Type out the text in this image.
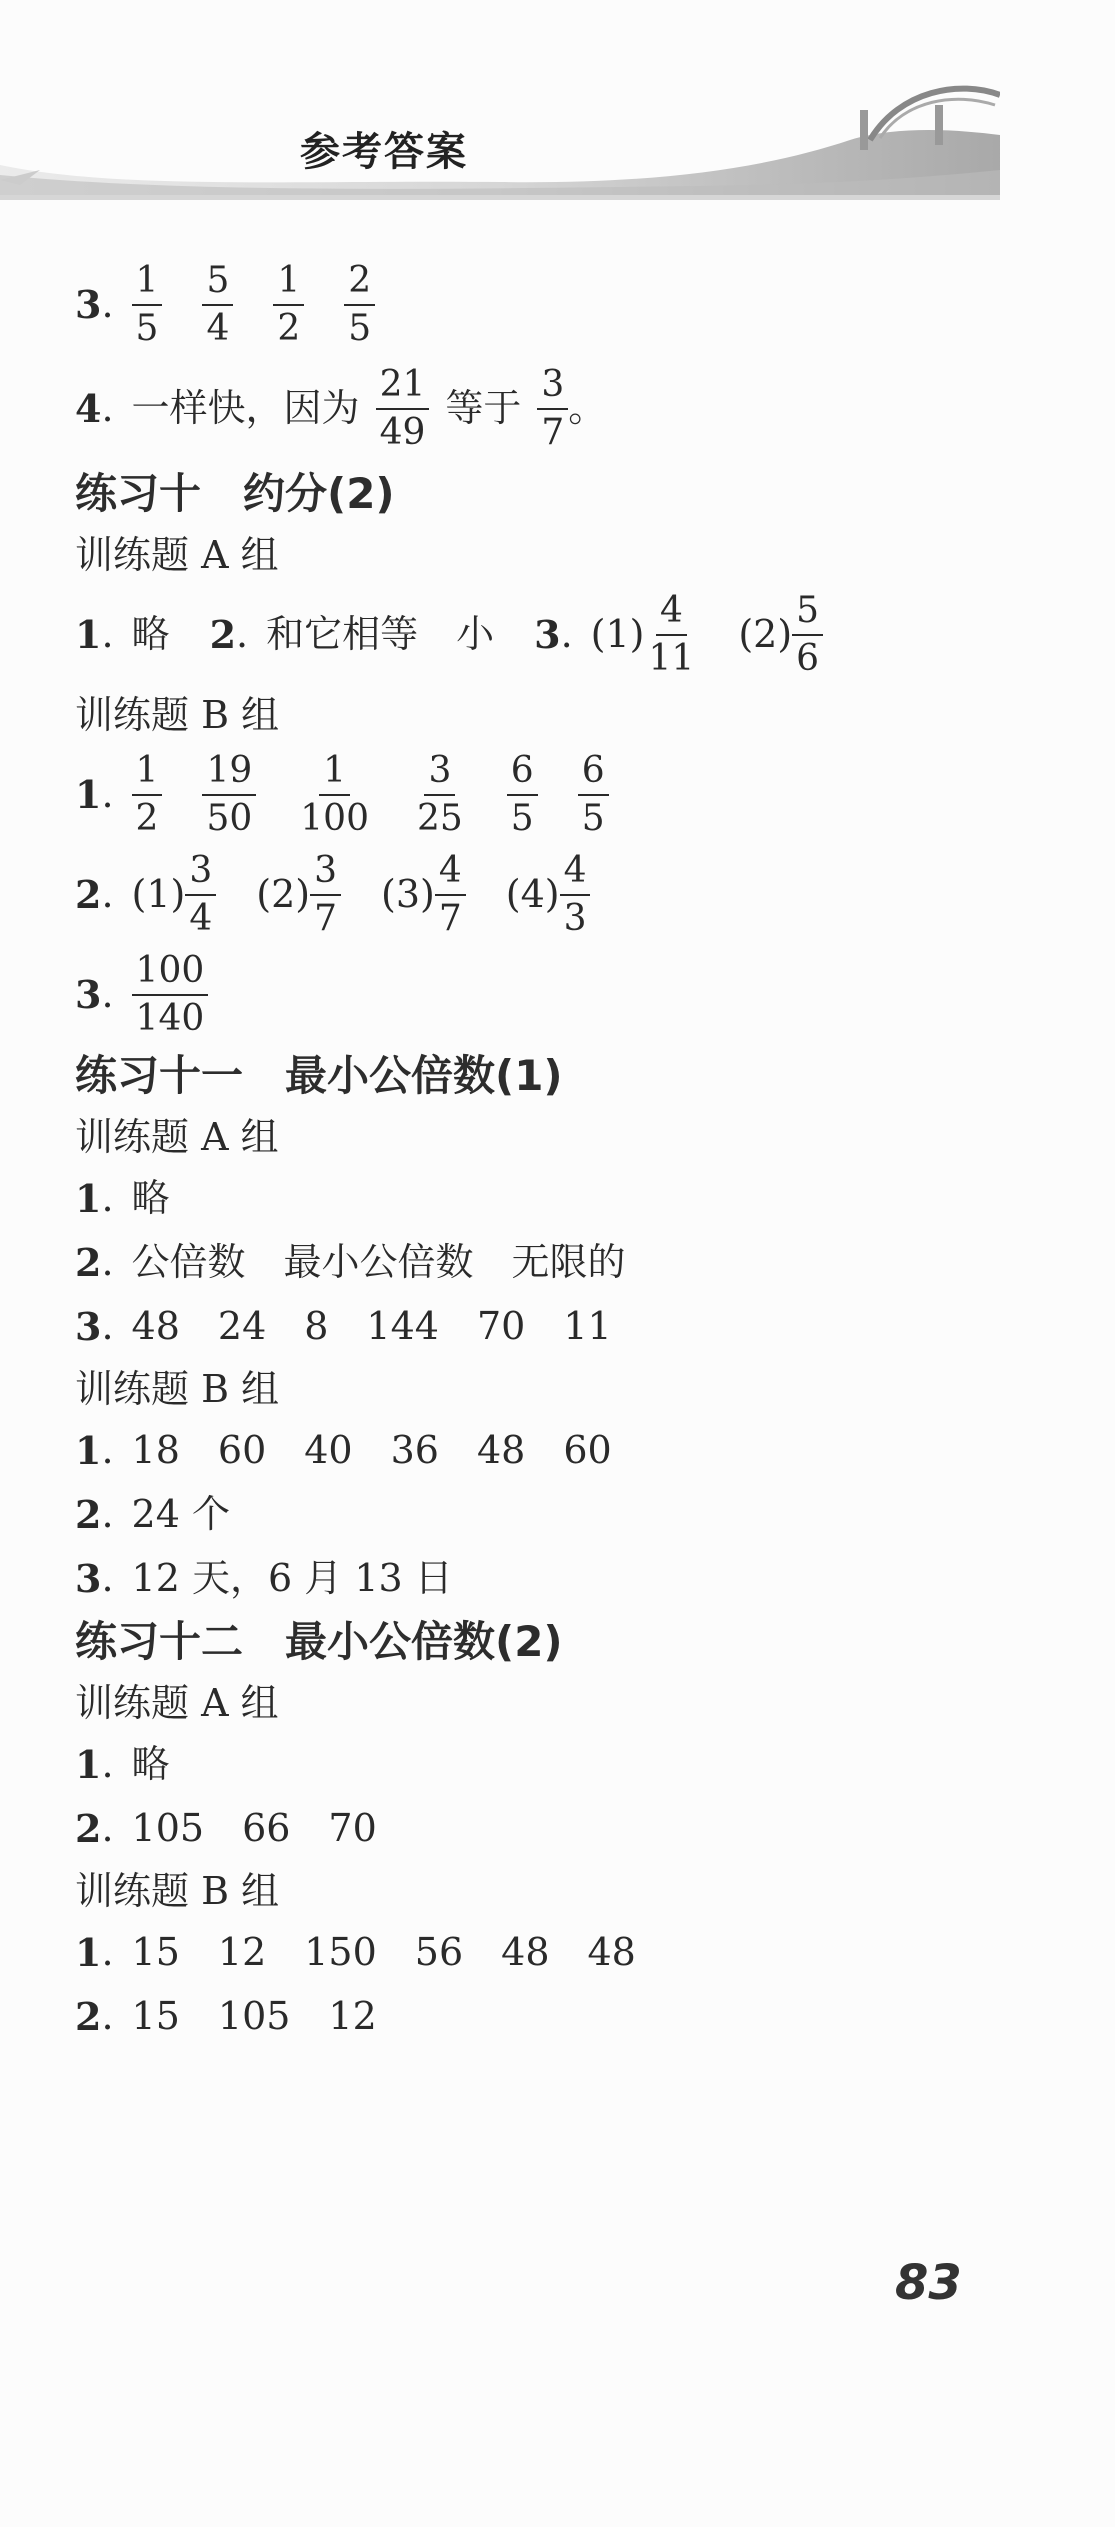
参考答案
3 . $\frac{1}{5} \frac{5}{4} \frac{1}{2} \frac{2}{5}$
4 . 一样快，因为 $\frac{21}{49}$ 等于 $\frac{3}{7}$ 。
练习十　约分(2)
训练题 A 组
1 . 略 2 . 和它相等　小 3 . $(1) \frac{4}{11} (2) \frac{5}{6}$
训练题 B 组
1 . $\frac{1}{2} \frac{19}{50} \frac{1}{100} \frac{3}{25} \frac{6}{5} \frac{6}{5}$
2 . $(1) \frac{3}{4} (2) \frac{3}{7} (3) \frac{4}{7} (4) \frac{4}{3}$
3 . $\frac{100}{140}$
练习十一　最小公倍数(1)
训练题 A 组
1 . 略
2 . 公倍数　最小公倍数　无限的
3 . 48　24　8　144　70　11
训练题 B 组
1 . 18　60　40　36　48　60
2 . 24 个
3 . 12 天，6 月 13 日
练习十二　最小公倍数(2)
训练题 A 组
1 . 略
2 . 105　66　70
训练题 B 组
1 . 15　12　150　56　48　48
2 . 15　105　12
83
